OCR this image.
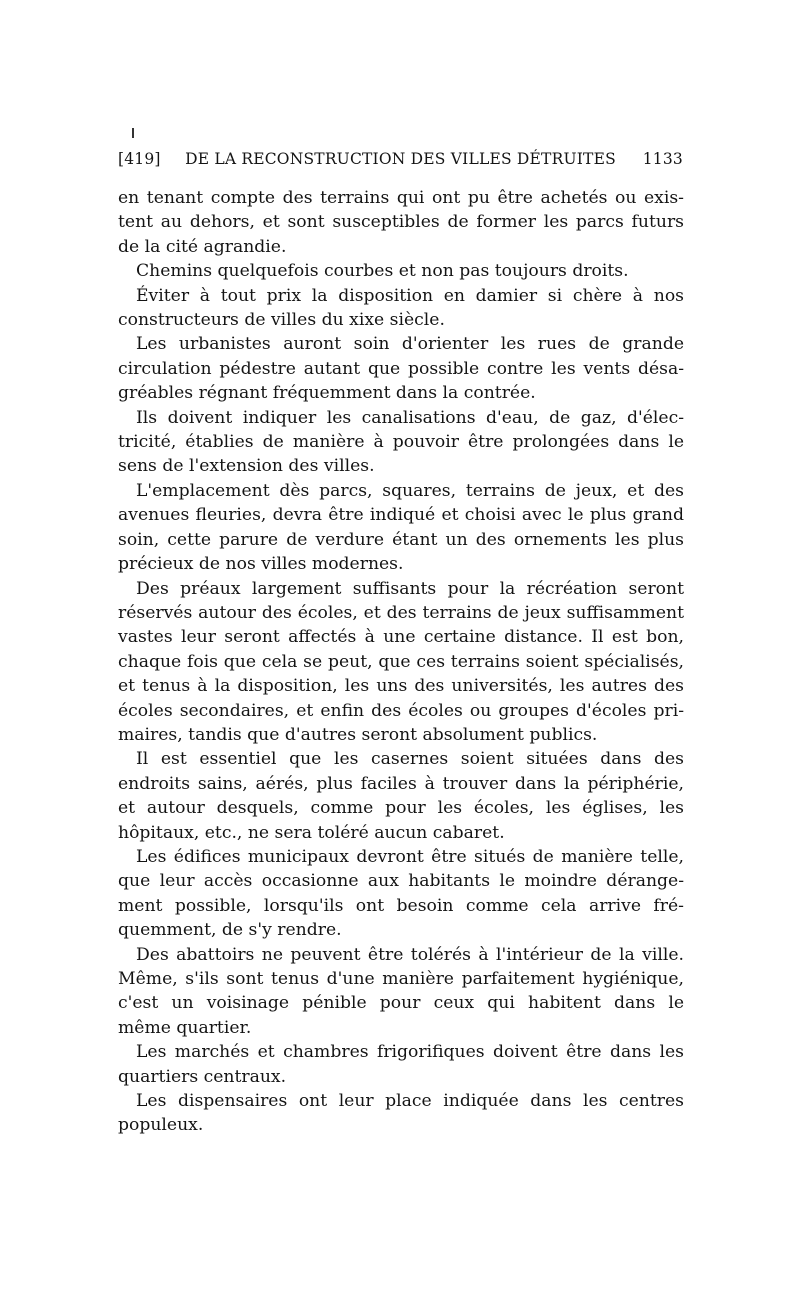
[419]	DE LA RECONSTRUCTION DES VILLES DÉTRUITES	1133
en tenant compte des terrains qui ont pu être achetés ou exis-
tent au dehors, et sont susceptibles de former les parcs futurs
de la cité agrandie.
Chemins quelquefois courbes et non pas toujours droits.
Éviter à tout prix la disposition en damier si chère à nos
constructeurs de villes du xixe siècle.
Les urbanistes auront soin d'orienter les rues de grande
circulation pédestre autant que possible contre les vents désa-
gréables régnant fréquemment dans la contrée.
Ils doivent indiquer les canalisations d'eau, de gaz, d'élec-
tricité, établies de manière à pouvoir être prolongées dans le
sens de l'extension des villes.
L'emplacement dès parcs, squares, terrains de jeux, et des
avenues fleuries, devra être indiqué et choisi avec le plus grand
soin, cette parure de verdure étant un des ornements les plus
précieux de nos villes modernes.
Des préaux largement suffisants pour la récréation seront
réservés autour des écoles, et des terrains de jeux suffisamment
vastes leur seront affectés à une certaine distance. Il est bon,
chaque fois que cela se peut, que ces terrains soient spécialisés,
et tenus à la disposition, les uns des universités, les autres des
écoles secondaires, et enfin des écoles ou groupes d'écoles pri-
maires, tandis que d'autres seront absolument publics.
Il est essentiel que les casernes soient situées dans des
endroits sains, aérés, plus faciles à trouver dans la périphérie,
et autour desquels, comme pour les écoles, les églises, les
hôpitaux, etc., ne sera toléré aucun cabaret.
Les édifices municipaux devront être situés de manière telle,
que leur accès occasionne aux habitants le moindre dérange-
ment possible, lorsqu'ils ont besoin comme cela arrive fré-
quemment, de s'y rendre.
Des abattoirs ne peuvent être tolérés à l'intérieur de la ville.
Même, s'ils sont tenus d'une manière parfaitement hygiénique,
c'est un voisinage pénible pour ceux qui habitent dans le
même quartier.
Les marchés et chambres frigorifiques doivent être dans les
quartiers centraux.
Les dispensaires ont leur place indiquée dans les centres
populeux.
